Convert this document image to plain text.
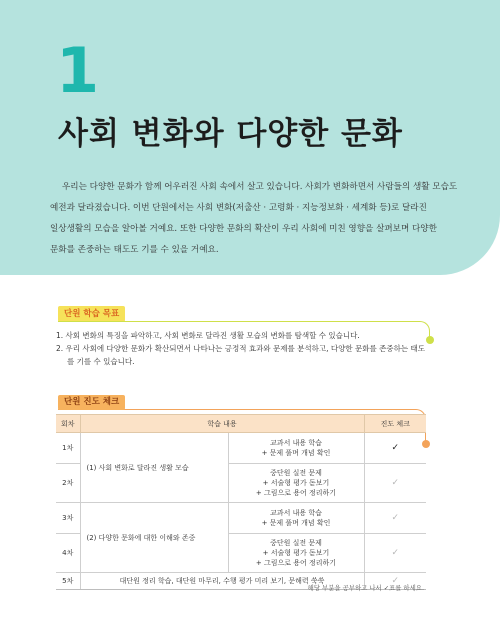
1
사회 변화와 다양한 문화

우리는 다양한 문화가 함께 어우러진 사회 속에서 살고 있습니다. 사회가 변화하면서 사람들의 생활 모습도 예전과 달라졌습니다. 이번 단원에서는 사회 변화(저출산 · 고령화 · 지능정보화 · 세계화 등)로 달라진 일상생활의 모습을 알아볼 거예요. 또한 다양한 문화의 확산이 우리 사회에 미친 영향을 살펴보며 다양한 문화를 존중하는 태도도 기를 수 있을 거예요.

단원 학습 목표
1. 사회 변화의 특징을 파악하고, 사회 변화로 달라진 생활 모습의 변화를 탐색할 수 있습니다.
2. 우리 사회에 다양한 문화가 확산되면서 나타나는 긍정적 효과와 문제를 분석하고, 다양한 문화를 존중하는 태도를 기를 수 있습니다.
단원 진도 체크
회차	학습 내용		진도 체크
1차	(1) 사회 변화로 달라진 생활 모습	교과서 내용 학습
+ 문제 풀며 개념 확인	✓
2차		중단원 실전 문제
+ 서술형 평가 돋보기
+ 그림으로 용어 정리하기	✓
3차	(2) 다양한 문화에 대한 이해와 존중	교과서 내용 학습
+ 문제 풀며 개념 확인	✓
4차		중단원 실전 문제
+ 서술형 평가 돋보기
+ 그림으로 용어 정리하기	✓
5차	대단원 정리 학습, 대단원 마무리, 수행 평가 미리 보기, 문해력 쑥쑥		✓
해당 부분을 공부하고 나서 ✓표를 하세요.
